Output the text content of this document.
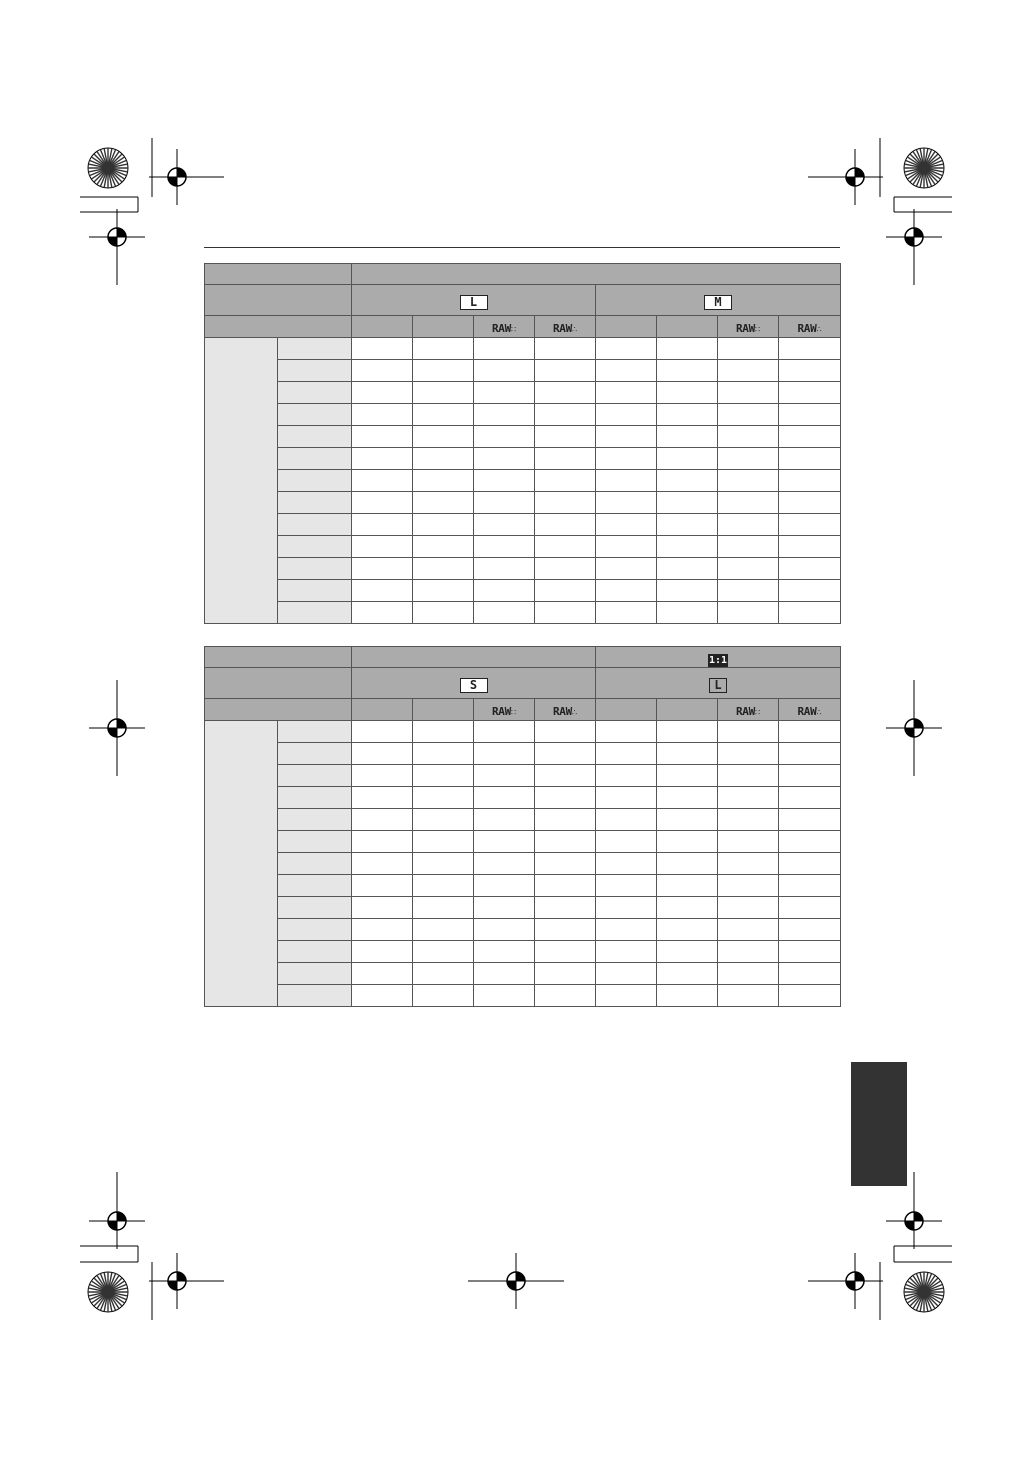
		L				M			
				RAW∷	RAW∴			RAW∷	RAW∴

						1:1			
		S				L			
				RAW∷	RAW∴			RAW∷	RAW∴
